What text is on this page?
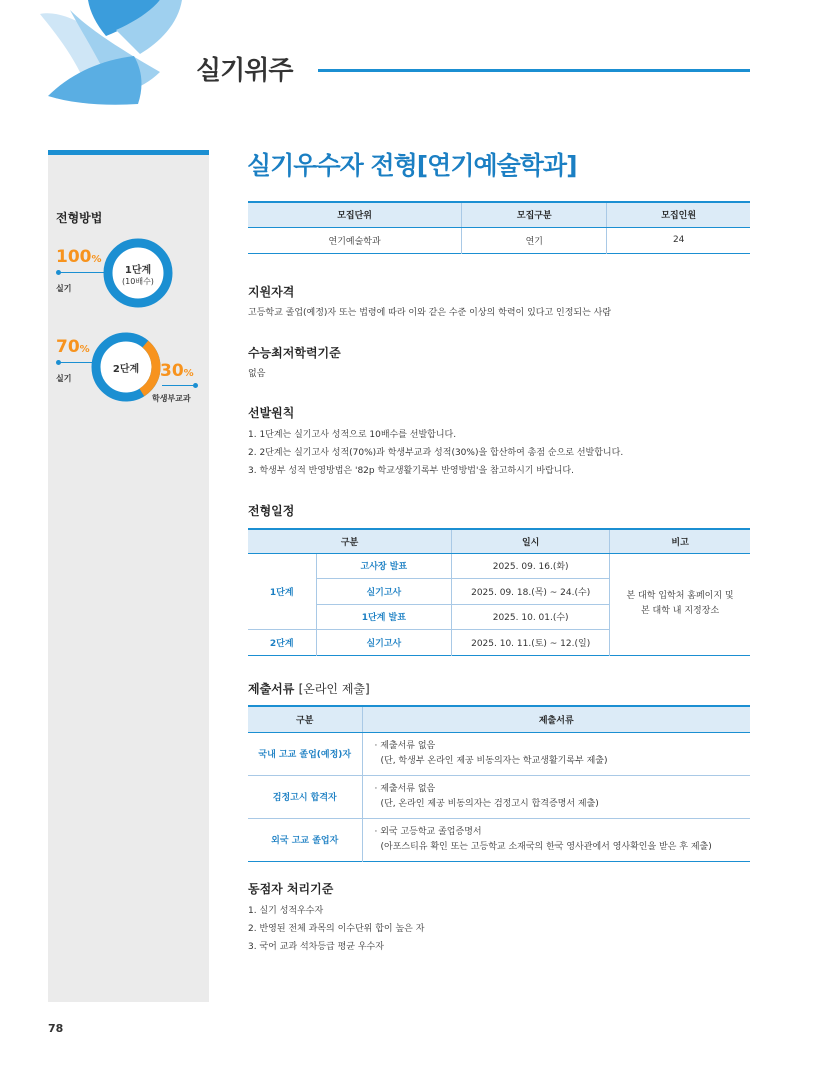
실기위주
전형방법
100%
실기
1단계
(10배수)
70%
실기
2단계	30%
학생부교과
실기우수자 전형[연기예술학과]
모집단위	모집구분	모집인원
연기예술학과	연기	24
지원자격
고등학교 졸업(예정)자 또는 법령에 따라 이와 같은 수준 이상의 학력이 있다고 인정되는 사람
수능최저학력기준
없음
선발원칙
1. 1단계는 실기고사 성적으로 10배수를 선발합니다.
2. 2단계는 실기고사 성적(70%)과 학생부교과 성적(30%)을 합산하여 총점 순으로 선발합니다.
3. 학생부 성적 반영방법은 '82p 학교생활기록부 반영방법'을 참고하시기 바랍니다.
전형일정
구분		일시	비고
1단계	고사장 발표	2025. 09. 16.(화)	본 대학 입학처 홈페이지 및
본 대학 내 지정장소

	실기고사	2025. 09. 18.(목) ~ 24.(수)	
	1단계 발표	2025. 10. 01.(수)	
2단계	실기고사	2025. 10. 11.(토) ~ 12.(일)	
제출서류 [온라인 제출]
구분	제출서류
국내 고교 졸업(예정)자	· 제출서류 없음
(단, 학생부 온라인 제공 비동의자는 학교생활기록부 제출)

검정고시 합격자	· 제출서류 없음
(단, 온라인 제공 비동의자는 검정고시 합격증명서 제출)

외국 고교 졸업자	· 외국 고등학교 졸업증명서
(아포스티유 확인 또는 고등학교 소재국의 한국 영사관에서 영사확인을 받은 후 제출)
동점자 처리기준
1. 실기 성적우수자
2. 반영된 전체 과목의 이수단위 합이 높은 자
3. 국어 교과 석차등급 평균 우수자
78
